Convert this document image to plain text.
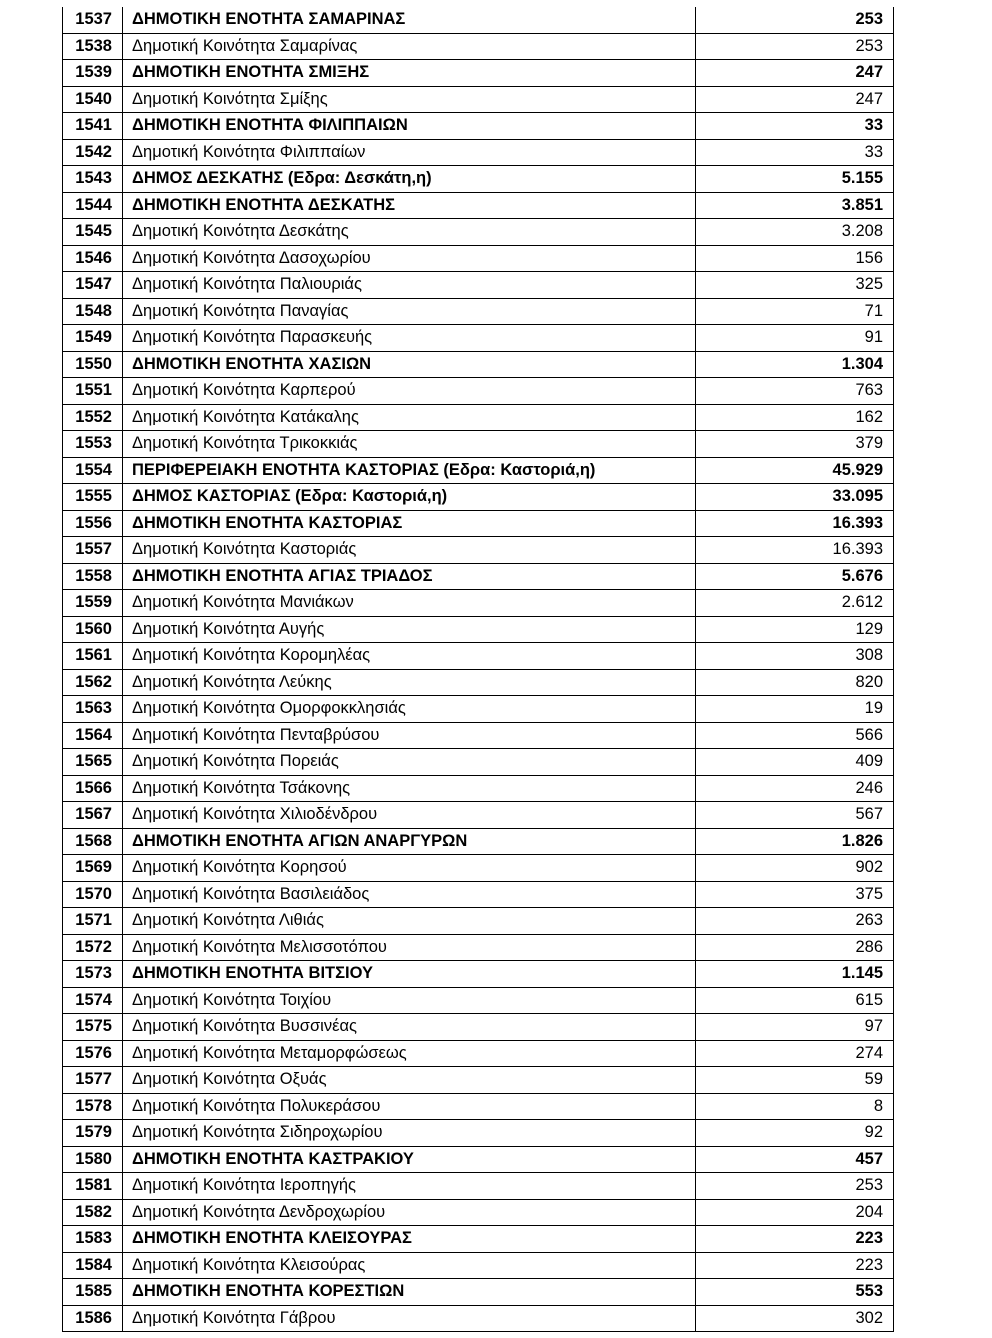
1537	ΔΗΜΟΤΙΚΗ ΕΝΟΤΗΤΑ ΣΑΜΑΡΙΝΑΣ	253
1538	Δημοτική Κοινότητα Σαμαρίνας	253
1539	ΔΗΜΟΤΙΚΗ ΕΝΟΤΗΤΑ ΣΜΙΞΗΣ	247
1540	Δημοτική Κοινότητα Σμίξης	247
1541	ΔΗΜΟΤΙΚΗ ΕΝΟΤΗΤΑ ΦΙΛΙΠΠΑΙΩΝ	33
1542	Δημοτική Κοινότητα Φιλιππαίων	33
1543	ΔΗΜΟΣ ΔΕΣΚΑΤΗΣ (Εδρα: Δεσκάτη,η)	5.155
1544	ΔΗΜΟΤΙΚΗ ΕΝΟΤΗΤΑ ΔΕΣΚΑΤΗΣ	3.851
1545	Δημοτική Κοινότητα Δεσκάτης	3.208
1546	Δημοτική Κοινότητα Δασοχωρίου	156
1547	Δημοτική Κοινότητα Παλιουριάς	325
1548	Δημοτική Κοινότητα Παναγίας	71
1549	Δημοτική Κοινότητα Παρασκευής	91
1550	ΔΗΜΟΤΙΚΗ ΕΝΟΤΗΤΑ ΧΑΣΙΩΝ	1.304
1551	Δημοτική Κοινότητα Καρπερού	763
1552	Δημοτική Κοινότητα Κατάκαλης	162
1553	Δημοτική Κοινότητα Τρικοκκιάς	379
1554	ΠΕΡΙΦΕΡΕΙΑΚΗ ΕΝΟΤΗΤΑ ΚΑΣΤΟΡΙΑΣ (Εδρα: Καστοριά,η)	45.929
1555	ΔΗΜΟΣ ΚΑΣΤΟΡΙΑΣ (Εδρα: Καστοριά,η)	33.095
1556	ΔΗΜΟΤΙΚΗ ΕΝΟΤΗΤΑ ΚΑΣΤΟΡΙΑΣ	16.393
1557	Δημοτική Κοινότητα Καστοριάς	16.393
1558	ΔΗΜΟΤΙΚΗ ΕΝΟΤΗΤΑ ΑΓΙΑΣ ΤΡΙΑΔΟΣ	5.676
1559	Δημοτική Κοινότητα Μανιάκων	2.612
1560	Δημοτική Κοινότητα Αυγής	129
1561	Δημοτική Κοινότητα Κορομηλέας	308
1562	Δημοτική Κοινότητα Λεύκης	820
1563	Δημοτική Κοινότητα Ομορφοκκλησιάς	19
1564	Δημοτική Κοινότητα Πενταβρύσου	566
1565	Δημοτική Κοινότητα Πορειάς	409
1566	Δημοτική Κοινότητα Τσάκονης	246
1567	Δημοτική Κοινότητα Χιλιοδένδρου	567
1568	ΔΗΜΟΤΙΚΗ ΕΝΟΤΗΤΑ ΑΓΙΩΝ ΑΝΑΡΓΥΡΩΝ	1.826
1569	Δημοτική Κοινότητα Κορησού	902
1570	Δημοτική Κοινότητα Βασιλειάδος	375
1571	Δημοτική Κοινότητα Λιθιάς	263
1572	Δημοτική Κοινότητα Μελισσοτόπου	286
1573	ΔΗΜΟΤΙΚΗ ΕΝΟΤΗΤΑ ΒΙΤΣΙΟΥ	1.145
1574	Δημοτική Κοινότητα Τοιχίου	615
1575	Δημοτική Κοινότητα Βυσσινέας	97
1576	Δημοτική Κοινότητα Μεταμορφώσεως	274
1577	Δημοτική Κοινότητα Οξυάς	59
1578	Δημοτική Κοινότητα Πολυκεράσου	8
1579	Δημοτική Κοινότητα Σιδηροχωρίου	92
1580	ΔΗΜΟΤΙΚΗ ΕΝΟΤΗΤΑ ΚΑΣΤΡΑΚΙΟΥ	457
1581	Δημοτική Κοινότητα Ιεροπηγής	253
1582	Δημοτική Κοινότητα Δενδροχωρίου	204
1583	ΔΗΜΟΤΙΚΗ ΕΝΟΤΗΤΑ ΚΛΕΙΣΟΥΡΑΣ	223
1584	Δημοτική Κοινότητα Κλεισούρας	223
1585	ΔΗΜΟΤΙΚΗ ΕΝΟΤΗΤΑ ΚΟΡΕΣΤΙΩΝ	553
1586	Δημοτική Κοινότητα Γάβρου	302
